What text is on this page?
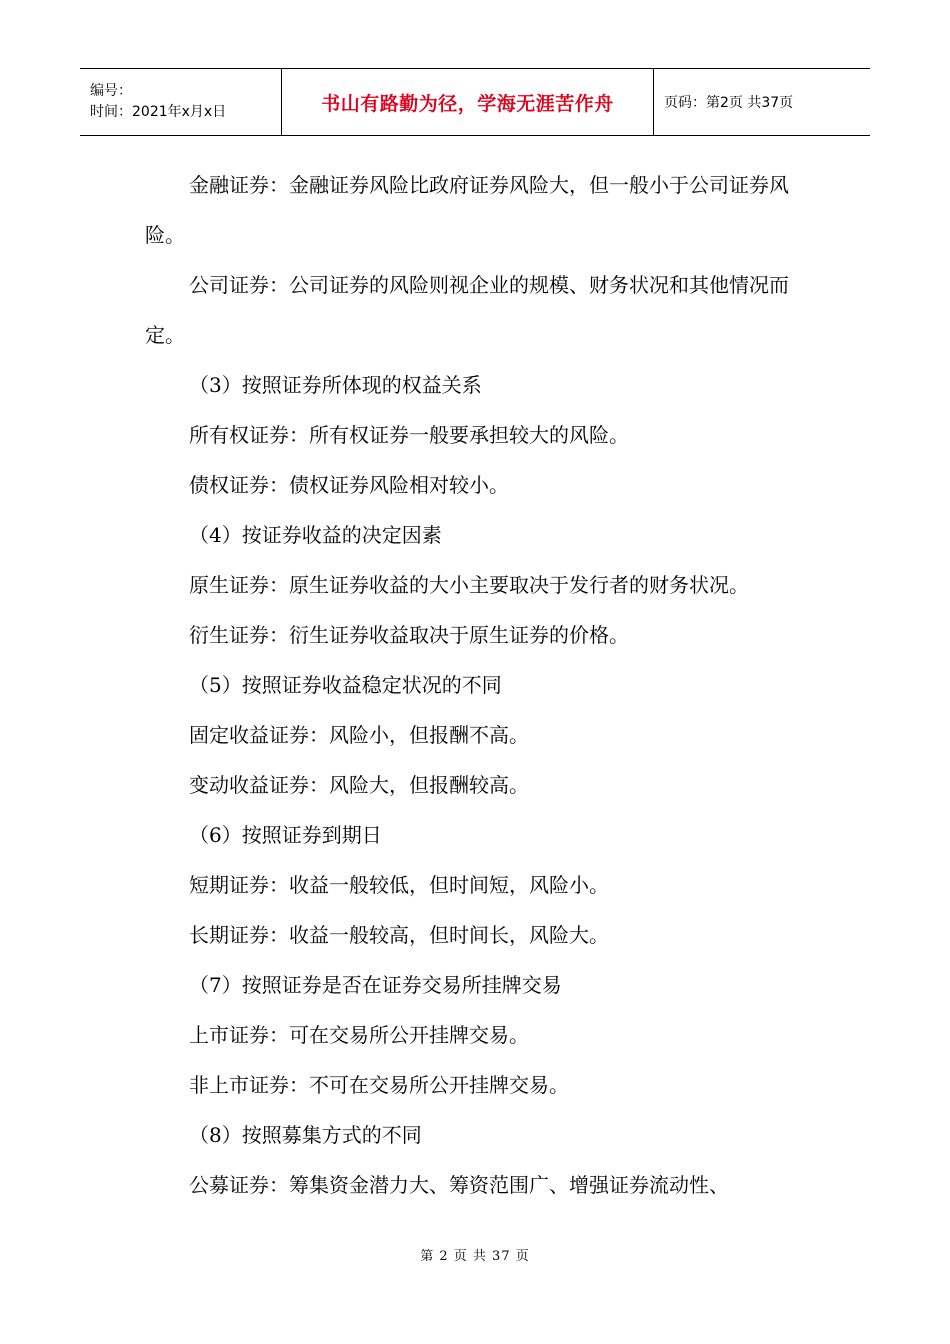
编号：
时间：2021年x月x日	书山有路勤为径，学海无涯苦作舟	页码：第2页 共37页

金融证券：金融证券风险比政府证券风险大，但一般小于公司证券风险。

公司证券：公司证券的风险则视企业的规模、财务状况和其他情况而定。

（3）按照证券所体现的权益关系

所有权证券：所有权证券一般要承担较大的风险。

债权证券：债权证券风险相对较小。

（4）按证券收益的决定因素

原生证券：原生证券收益的大小主要取决于发行者的财务状况。

衍生证券：衍生证券收益取决于原生证券的价格。

（5）按照证券收益稳定状况的不同

固定收益证券：风险小，但报酬不高。

变动收益证券：风险大，但报酬较高。

（6）按照证券到期日

短期证券：收益一般较低，但时间短，风险小。

长期证券：收益一般较高，但时间长，风险大。

（7）按照证券是否在证券交易所挂牌交易

上市证券：可在交易所公开挂牌交易。

非上市证券：不可在交易所公开挂牌交易。

（8）按照募集方式的不同

公募证券：筹集资金潜力大、筹资范围广、增强证券流动性、

第 2 页 共 37 页
